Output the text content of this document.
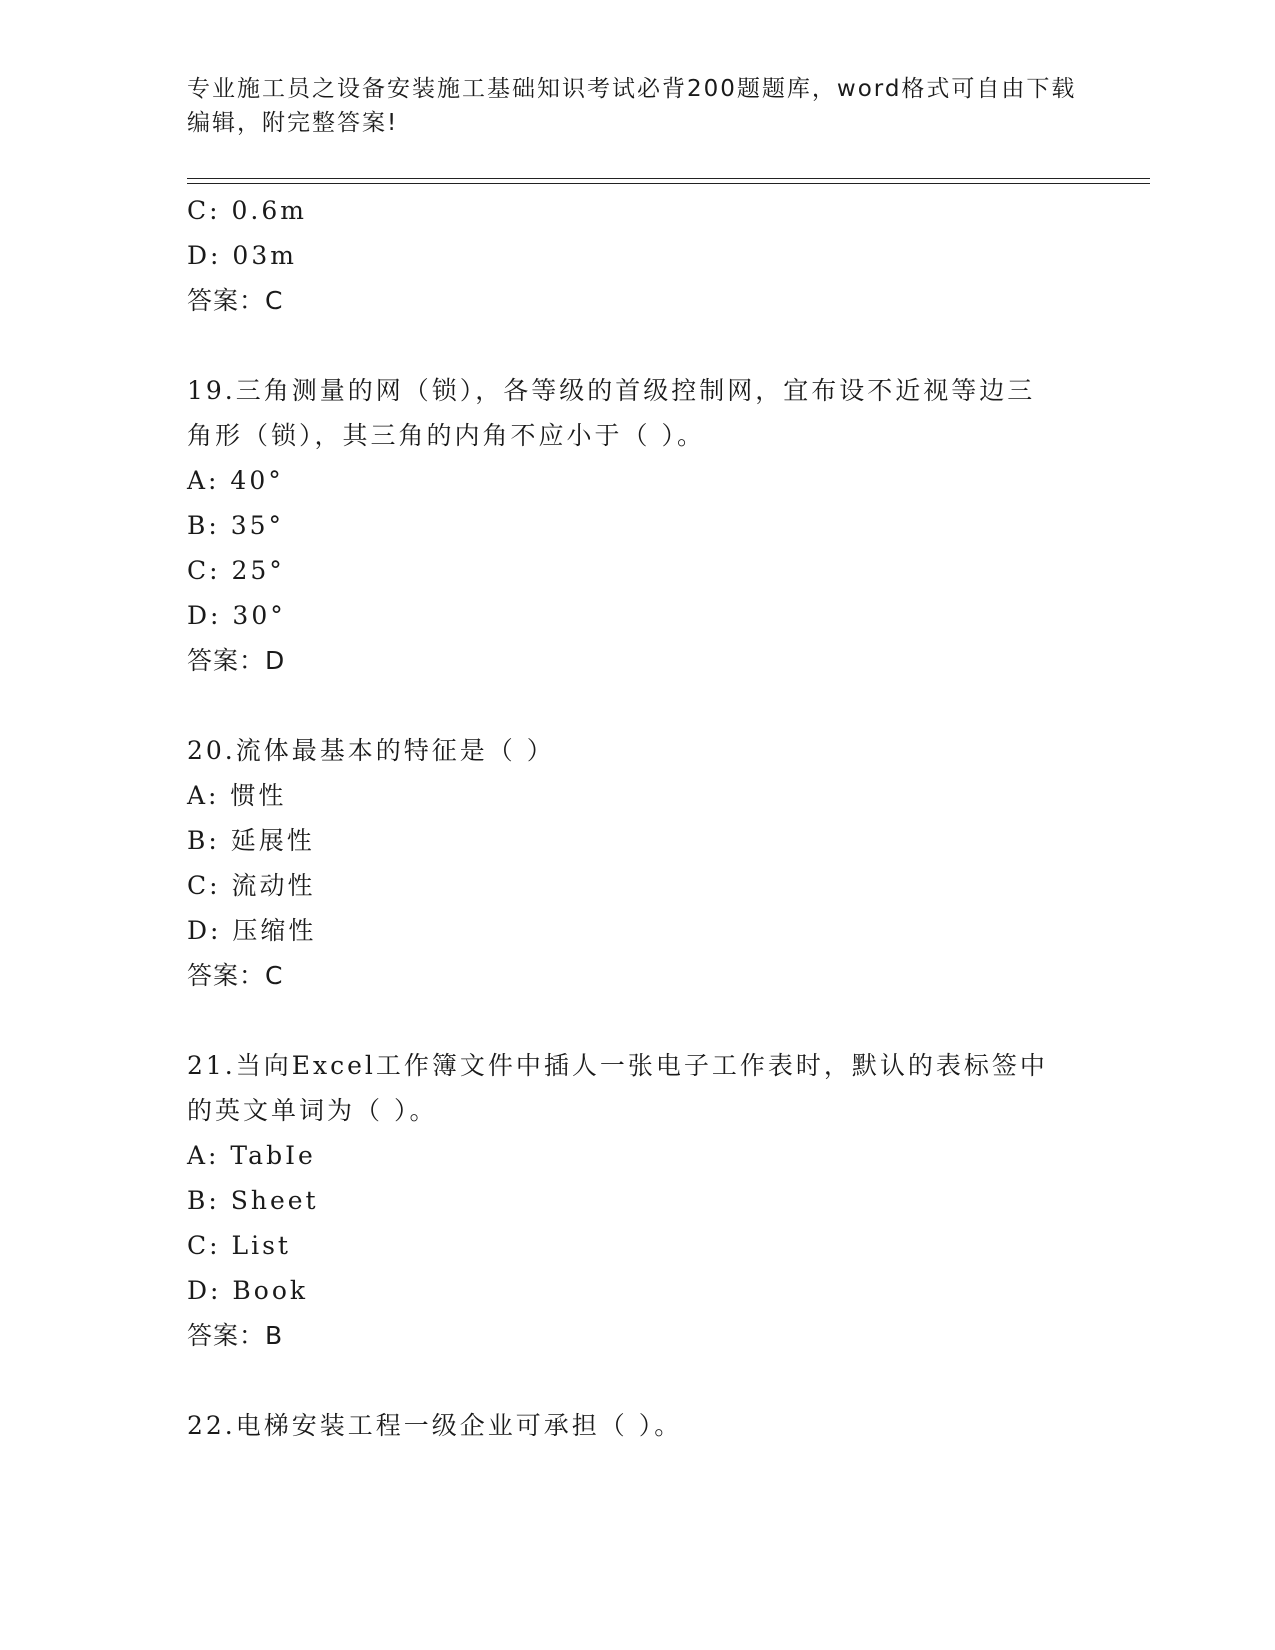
专业施工员之设备安装施工基础知识考试必背200题题库，word格式可自由下载
编辑，附完整答案!
C: 0.6m
D: 03m
答案：C
19.三角测量的网（锁），各等级的首级控制网，宜布设不近视等边三
角形（锁），其三角的内角不应小于（ ）。
A: 40°
B: 35°
C: 25°
D: 30°
答案：D
20.流体最基本的特征是（ ）
A: 惯性
B: 延展性
C: 流动性
D: 压缩性
答案：C
21.当向Excel工作簿文件中插人一张电子工作表时，默认的表标签中
的英文单词为（ ）。
A: TabIe
B: Sheet
C: List
D: Book
答案：B
22.电梯安装工程一级企业可承担（ ）。
